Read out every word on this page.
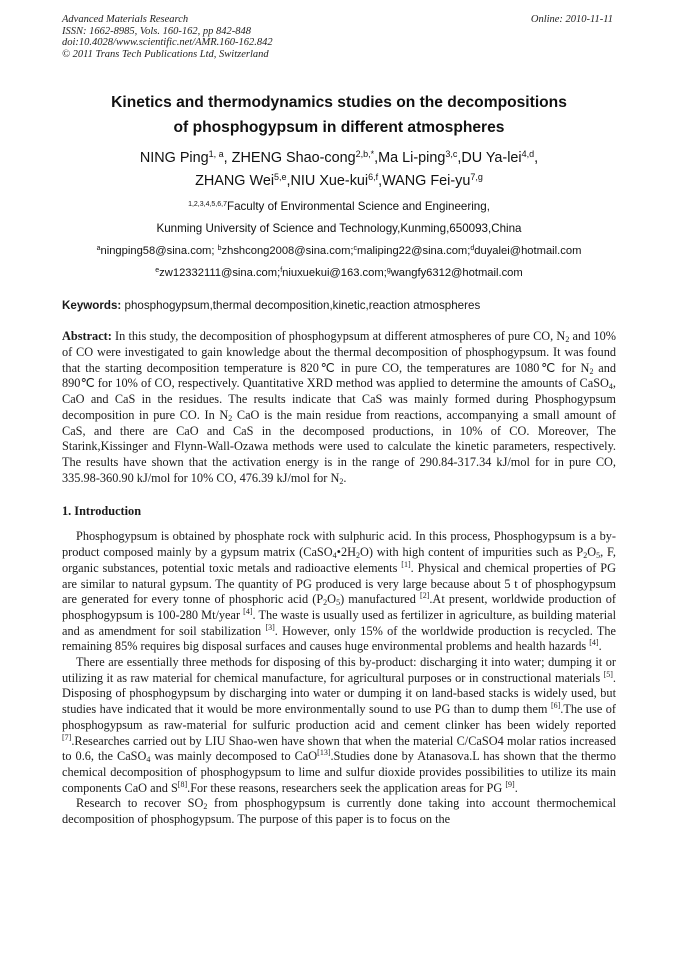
Advanced Materials Research
ISSN: 1662-8985, Vols. 160-162, pp 842-848
doi:10.4028/www.scientific.net/AMR.160-162.842
© 2011 Trans Tech Publications Ltd, Switzerland
Online: 2010-11-11
Kinetics and thermodynamics studies on the decompositions
of phosphogypsum in different atmospheres
NING Ping$^{1, a}$, ZHENG Shao-cong$^{2,b,*}$,Ma Li-ping$^{3,c}$,DU Ya-lei$^{4,d}$,
ZHANG Wei$^{5,e}$,NIU Xue-kui$^{6,f}$,WANG Fei-yu$^{7,g}$
$^{1,2,3,4,5,6,7}$Faculty of Environmental Science and Engineering,
Kunming University of Science and Technology,Kunming,650093,China
$^a$ningping58@sina.com; $^b$zhshcong2008@sina.com;$^c$maliping22@sina.com;$^d$duyalei@hotmail.com
$^e$zw12332111@sina.com;$^f$niuxuekui@163.com;$^g$wangfy6312@hotmail.com
Keywords: phosphogypsum,thermal decomposition,kinetic,reaction atmospheres
Abstract: In this study, the decomposition of phosphogypsum at different atmospheres of pure CO, $N_2$ and 10% of CO were investigated to gain knowledge about the thermal decomposition of phosphogypsum. It was found that the starting decomposition temperature is 820℃ in pure CO, the temperatures are 1080℃ for $N_2$ and 890℃ for 10% of CO, respectively. Quantitative XRD method was applied to determine the amounts of CaSO$_4$, CaO and CaS in the residues. The results indicate that CaS was mainly formed during Phosphogypsum decomposition in pure CO. In $N_2$ CaO is the main residue from reactions, accompanying a small amount of CaS, and there are CaO and CaS in the decomposed productions, in 10% of CO. Moreover, The Starink,Kissinger and Flynn-Wall-Ozawa methods were used to calculate the kinetic parameters, respectively. The results have shown that the activation energy is in the range of 290.84-317.34 kJ/mol for in pure CO, 335.98-360.90 kJ/mol for 10% CO, 476.39 kJ/mol for $N_2$.
1. Introduction
Phosphogypsum is obtained by phosphate rock with sulphuric acid. In this process, Phosphogypsum is a by-product composed mainly by a gypsum matrix $(CaSO_4•2H_2O)$ with high content of impurities such as $P_2O_5$, F, organic substances, potential toxic metals and radioactive elements [1]. Physical and chemical properties of PG are similar to natural gypsum. The quantity of PG produced is very large because about 5 t of phosphogypsum are generated for every tonne of phosphoric acid $(P_2O_5)$ manufactured [2].At present, worldwide production of phosphogypsum is 100-280 Mt/year [4]. The waste is usually used as fertilizer in agriculture, as building material and as amendment for soil stabilization [3]. However, only 15% of the worldwide production is recycled. The remaining 85% requires big disposal surfaces and causes huge environmental problems and health hazards [4].
There are essentially three methods for disposing of this by-product: discharging it into water; dumping it or utilizing it as raw material for chemical manufacture, for agricultural purposes or in constructional materials [5]. Disposing of phosphogypsum by discharging into water or dumping it on land-based stacks is widely used, but studies have indicated that it would be more environmentally sound to use PG than to dump them [6].The use of phosphogypsum as raw-material for sulfuric production acid and cement clinker has been widely reported [7].Researches carried out by LIU Shao-wen have shown that when the material C/CaSO4 molar ratios increased to 0.6, the CaSO$_4$ was mainly decomposed to CaO[13].Studies done by Atanasova.L has shown that the thermo chemical decomposition of phosphogypsum to lime and sulfur dioxide provides possibilities to utilize its main components CaO and S[8].For these reasons, researchers seek the application areas for PG [9].
Research to recover $SO_2$ from phosphogypsum is currently done taking into account thermochemical decomposition of phosphogypsum. The purpose of this paper is to focus on the
